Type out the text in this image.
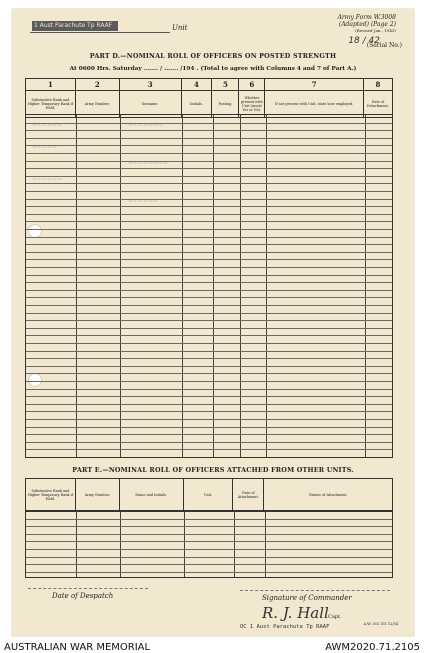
1 Aust Parachute Tp RAAF	Unit
Army Form W.3008
(Adapted) (Page 2)
(Revised Jan., 1943)
18 ∕ 42
(Serial No.)
PART D.—NOMINAL ROLL OF OFFICERS ON POSTED STRENGTH
At 0600 Hrs. Saturday ....... / ....... /194 . (Total to agree with Columns 4 and 7 of Part A.)
1	2	3	4	5	6	7	8
Substantive Rank and Higher Temporary Rank if Held.	Army Number.	Surname.	Initials.	Posting.	Whether present with Unit (insert Yes or No).	If not present with Unit, state how employed.	Date of Detachment.
~~~~~~	~~~~~~~
~~~~~
~~~~~~~~
~~~~~~
~~~~~~
PART E.—NOMINAL ROLL OF OFFICERS ATTACHED FROM OTHER UNITS.
Substantive Rank and Higher Temporary Rank if Held.	Army Number.	Name and Initials.	Unit.	Date of Attachment.	Nature of Attachment.
Date of Despatch	Signature of Commander
R. J. Hall Capt.
OC 1 Aust Parachute Tp RAAF	A.W. 355 151 12/54
AUSTRALIAN WAR MEMORIAL	AWM2020.71.2105
